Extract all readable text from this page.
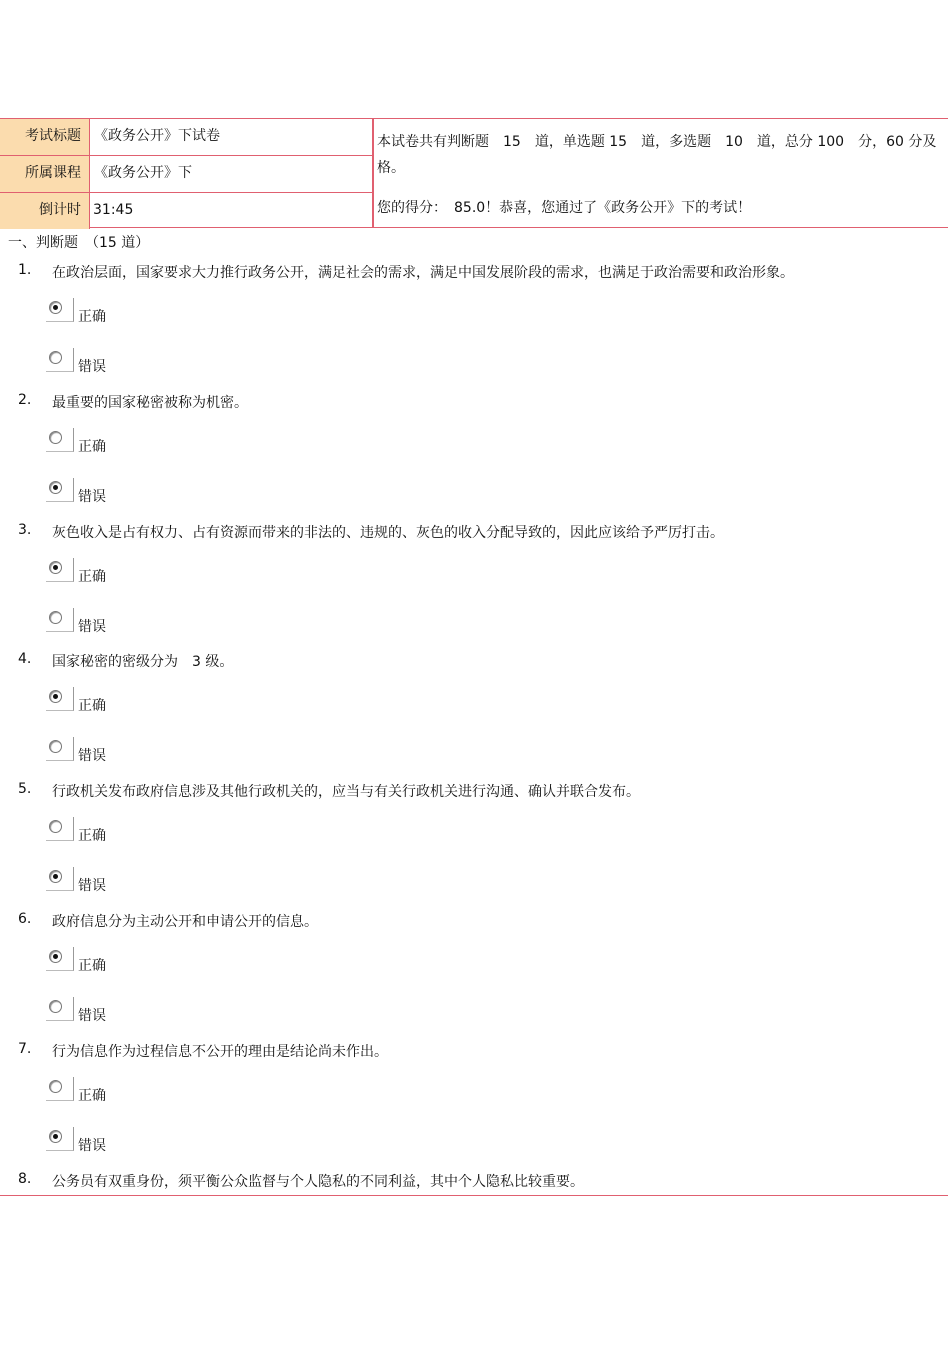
考试标题 《政务公开》下试卷
所属课程 《政务公开》下
倒计时 31:45

本试卷共有判断题　15　道，单选题 15　道，多选题　10　道，总分 100　分，60 分及格。

您的得分：　85.0！恭喜，您通过了《政务公开》下的考试！
一、判断题　（15 道）
1. 在政治层面，国家要求大力推行政务公开，满足社会的需求，满足中国发展阶段的需求，也满足于政治需要和政治形象。
正确
错误
2. 最重要的国家秘密被称为机密。
正确
错误
3. 灰色收入是占有权力、占有资源而带来的非法的、违规的、灰色的收入分配导致的，因此应该给予严厉打击。
正确
错误
4. 国家秘密的密级分为　3 级。
正确
错误
5. 行政机关发布政府信息涉及其他行政机关的，应当与有关行政机关进行沟通、确认并联合发布。
正确
错误
6. 政府信息分为主动公开和申请公开的信息。
正确
错误
7. 行为信息作为过程信息不公开的理由是结论尚未作出。
正确
错误
8. 公务员有双重身份，须平衡公众监督与个人隐私的不同利益，其中个人隐私比较重要。
